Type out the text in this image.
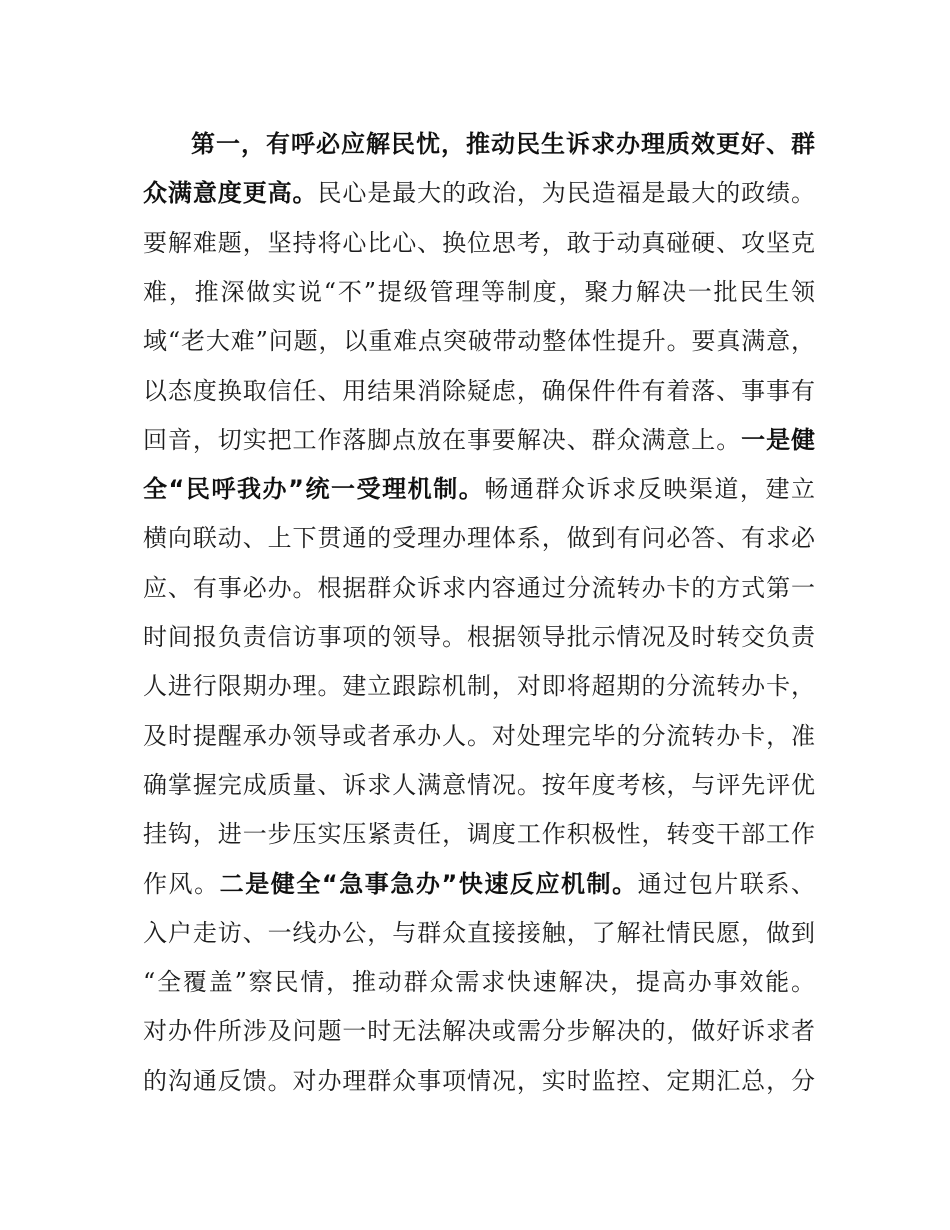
第一，有呼必应解民忧，推动民生诉求办理质效更好、群
众满意度更高。民心是最大的政治，为民造福是最大的政绩。
要解难题，坚持将心比心、换位思考，敢于动真碰硬、攻坚克
难，推深做实说“不”提级管理等制度，聚力解决一批民生领
域“老大难”问题，以重难点突破带动整体性提升。要真满意，
以态度换取信任、用结果消除疑虑，确保件件有着落、事事有
回音，切实把工作落脚点放在事要解决、群众满意上。一是健
全“民呼我办”统一受理机制。畅通群众诉求反映渠道，建立
横向联动、上下贯通的受理办理体系，做到有问必答、有求必
应、有事必办。根据群众诉求内容通过分流转办卡的方式第一
时间报负责信访事项的领导。根据领导批示情况及时转交负责
人进行限期办理。建立跟踪机制，对即将超期的分流转办卡，
及时提醒承办领导或者承办人。对处理完毕的分流转办卡，准
确掌握完成质量、诉求人满意情况。按年度考核，与评先评优
挂钩，进一步压实压紧责任，调度工作积极性，转变干部工作
作风。二是健全“急事急办”快速反应机制。通过包片联系、
入户走访、一线办公，与群众直接接触，了解社情民愿，做到
“全覆盖”察民情，推动群众需求快速解决，提高办事效能。
对办件所涉及问题一时无法解决或需分步解决的，做好诉求者
的沟通反馈。对办理群众事项情况，实时监控、定期汇总，分
